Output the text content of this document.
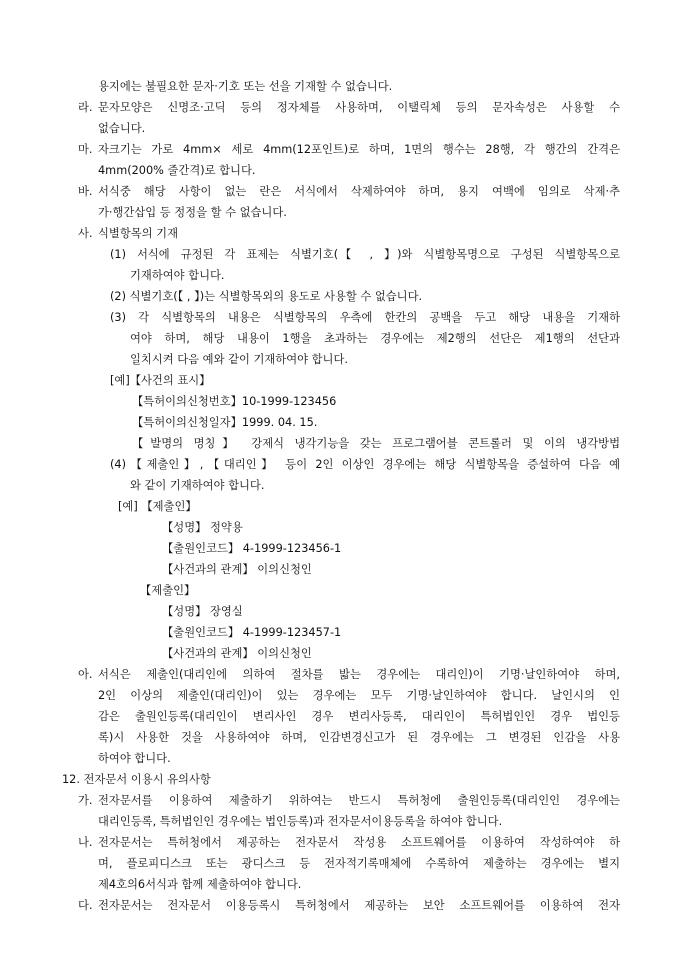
용지에는 불필요한 문자·기호 또는 선을 기재할 수 없습니다.
라. 문자모양은 신명조·고딕 등의 정자체를 사용하며, 이탤릭체 등의 문자속성은 사용할 수
없습니다.
마. 자크기는 가로 4mm× 세로 4mm(12포인트)로 하며, 1면의 행수는 28행, 각 행간의 간격은
4mm(200% 줄간격)로 합니다.
바. 서식중 해당 사항이 없는 란은 서식에서 삭제하여야 하며, 용지 여백에 임의로 삭제·추
가·행간삽입 등 정정을 할 수 없습니다.
사. 식별항목의 기재
(1) 서식에 규정된 각 표제는 식별기호(【 , 】)와 식별항목명으로 구성된 식별항목으로
기재하여야 합니다.
(2) 식별기호(【 , 】)는 식별항목외의 용도로 사용할 수 없습니다.
(3) 각 식별항목의 내용은 식별항목의 우측에 한칸의 공백을 두고 해당 내용을 기재하
여야 하며, 해당 내용이 1행을 초과하는 경우에는 제2행의 선단은 제1행의 선단과
일치시켜 다음 예와 같이 기재하여야 합니다.
[예]【사건의 표시】
【특허이의신청번호】10-1999-123456
【특허이의신청일자】1999. 04. 15.
【발명의 명칭】 강제식 냉각기능을 갖는 프로그램어블 콘트롤러 및 이의 냉각방법
(4)【제출인】,【대리인】 등이 2인 이상인 경우에는 해당 식별항목을 증설하여 다음 예
와 같이 기재하여야 합니다.
[예] 【제출인】
【성명】 정약용
【출원인코드】 4-1999-123456-1
【사건과의 관계】 이의신청인
【제출인】
【성명】 장영실
【출원인코드】 4-1999-123457-1
【사건과의 관계】 이의신청인
아. 서식은 제출인(대리인에 의하여 절차를 밟는 경우에는 대리인)이 기명·날인하여야 하며,
2인 이상의 제출인(대리인)이 있는 경우에는 모두 기명·날인하여야 합니다. 날인시의 인
감은 출원인등록(대리인이 변리사인 경우 변리사등록, 대리인이 특허법인인 경우 법인등
록)시 사용한 것을 사용하여야 하며, 인감변경신고가 된 경우에는 그 변경된 인감을 사용
하여야 합니다.
12. 전자문서 이용시 유의사항
가. 전자문서를 이용하여 제출하기 위하여는 반드시 특허청에 출원인등록(대리인인 경우에는
대리인등록, 특허법인인 경우에는 법인등록)과 전자문서이용등록을 하여야 합니다.
나. 전자문서는 특허청에서 제공하는 전자문서 작성용 소프트웨어를 이용하여 작성하여야 하
며, 플로피디스크 또는 광디스크 등 전자적기록매체에 수록하여 제출하는 경우에는 별지
제4호의6서식과 함께 제출하여야 합니다.
다. 전자문서는 전자문서 이용등록시 특허청에서 제공하는 보안 소프트웨어를 이용하여 전자
